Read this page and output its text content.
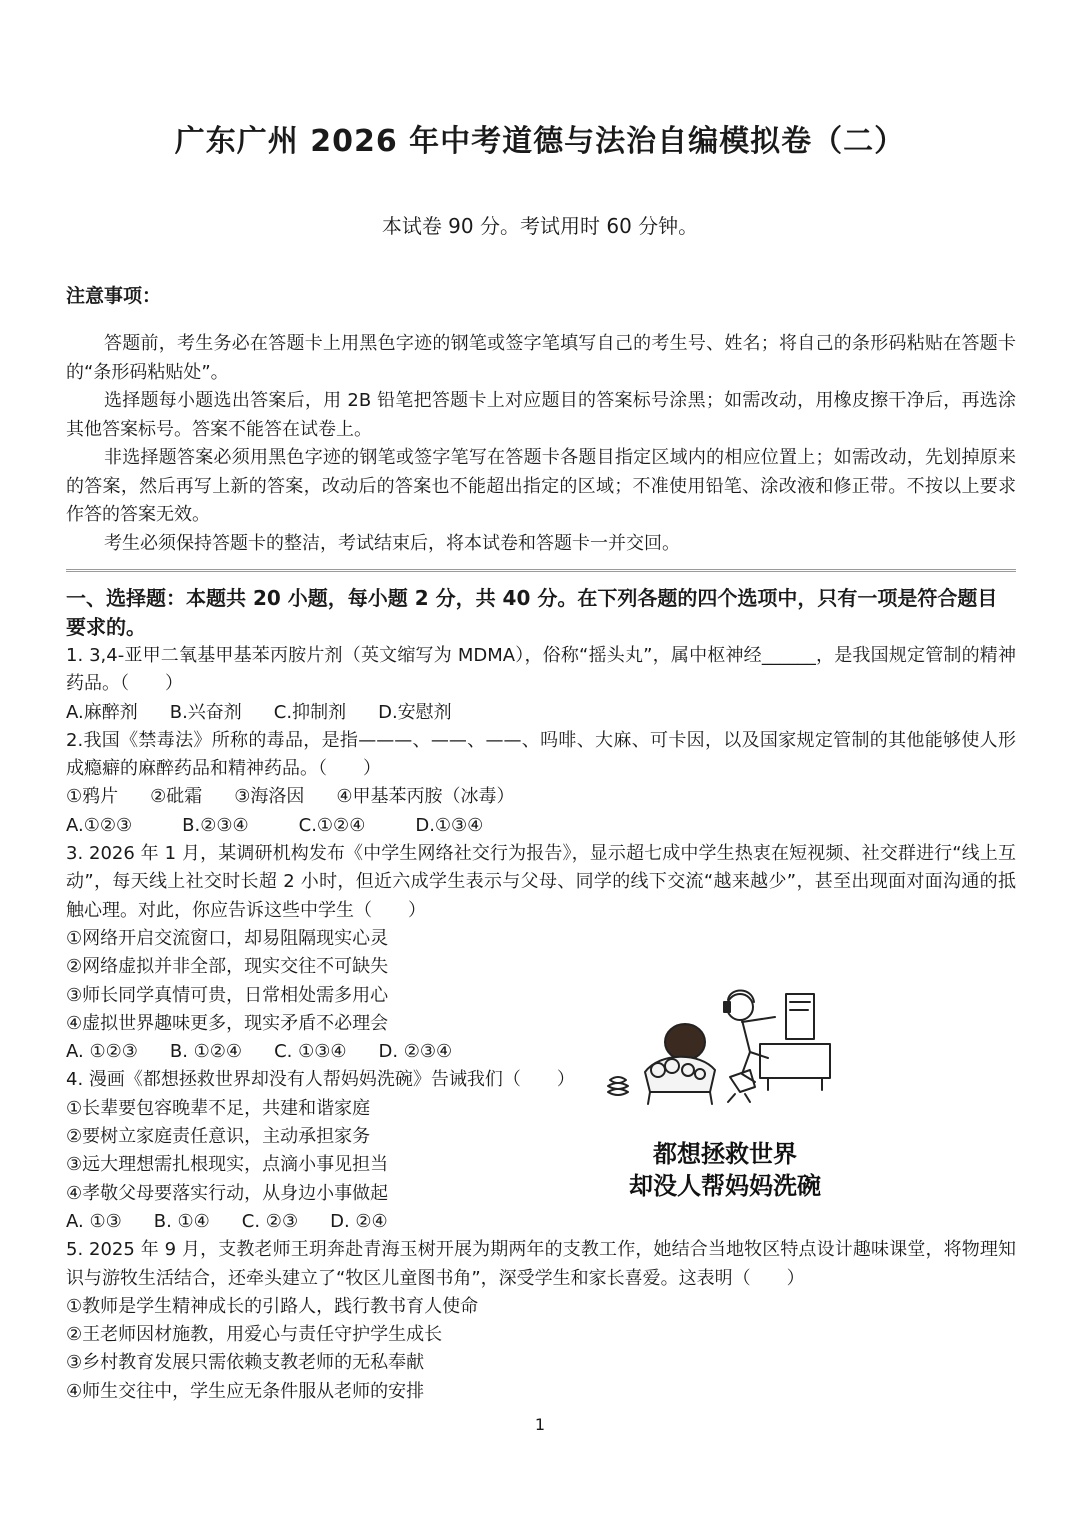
广东广州 2026 年中考道德与法治自编模拟卷（二）
本试卷 90 分。考试用时 60 分钟。
注意事项：

答题前，考生务必在答题卡上用黑色字迹的钢笔或签字笔填写自己的考生号、姓名；将自己的条形码粘贴在答题卡的“条形码粘贴处”。

选择题每小题选出答案后，用 2B 铅笔把答题卡上对应题目的答案标号涂黑；如需改动，用橡皮擦干净后，再选涂其他答案标号。答案不能答在试卷上。

非选择题答案必须用黑色字迹的钢笔或签字笔写在答题卡各题目指定区域内的相应位置上；如需改动，先划掉原来的答案，然后再写上新的答案，改动后的答案也不能超出指定的区域；不准使用铅笔、涂改液和修正带。不按以上要求作答的答案无效。

考生必须保持答题卡的整洁，考试结束后，将本试卷和答题卡一并交回。

一、选择题：本题共 20 小题，每小题 2 分，共 40 分。在下列各题的四个选项中，只有一项是符合题目要求的。

1. 3,4-亚甲二氧基甲基苯丙胺片剂（英文缩写为 MDMA），俗称“摇头丸”，属中枢神经______，是我国规定管制的精神药品。（　　）

A.麻醉剂 B.兴奋剂 C.抑制剂 D.安慰剂

2.我国《禁毒法》所称的毒品，是指———、——、——、吗啡、大麻、可卡因，以及国家规定管制的其他能够使人形成瘾癖的麻醉药品和精神药品。（　　）

①鸦片 ②砒霜 ③海洛因 ④甲基苯丙胺（冰毒）

A.①②③	B.②③④	C.①②④	D.①③④

3. 2026 年 1 月，某调研机构发布《中学生网络社交行为报告》，显示超七成中学生热衷在短视频、社交群进行“线上互动”，每天线上社交时长超 2 小时，但近六成学生表示与父母、同学的线下交流“越来越少”，甚至出现面对面沟通的抵触心理。对此，你应告诉这些中学生（　　）

①网络开启交流窗口，却易阻隔现实心灵

②网络虚拟并非全部，现实交往不可缺失

③师长同学真情可贵，日常相处需多用心

④虚拟世界趣味更多，现实矛盾不必理会

A. ①②③ B. ①②④ C. ①③④ D. ②③④

4. 漫画《都想拯救世界却没有人帮妈妈洗碗》告诫我们（　　）

①长辈要包容晚辈不足，共建和谐家庭

②要树立家庭责任意识，主动承担家务

③远大理想需扎根现实，点滴小事见担当

④孝敬父母要落实行动，从身边小事做起

A. ①③ B. ①④ C. ②③ D. ②④

5. 2025 年 9 月，支教老师王玥奔赴青海玉树开展为期两年的支教工作，她结合当地牧区特点设计趣味课堂，将物理知识与游牧生活结合，还牵头建立了“牧区儿童图书角”，深受学生和家长喜爱。这表明（　　）

①教师是学生精神成长的引路人，践行教书育人使命

②王老师因材施教，用爱心与责任守护学生成长

③乡村教育发展只需依赖支教老师的无私奉献

④师生交往中，学生应无条件服从老师的安排

都想拯救世界
却没人帮妈妈洗碗
1
